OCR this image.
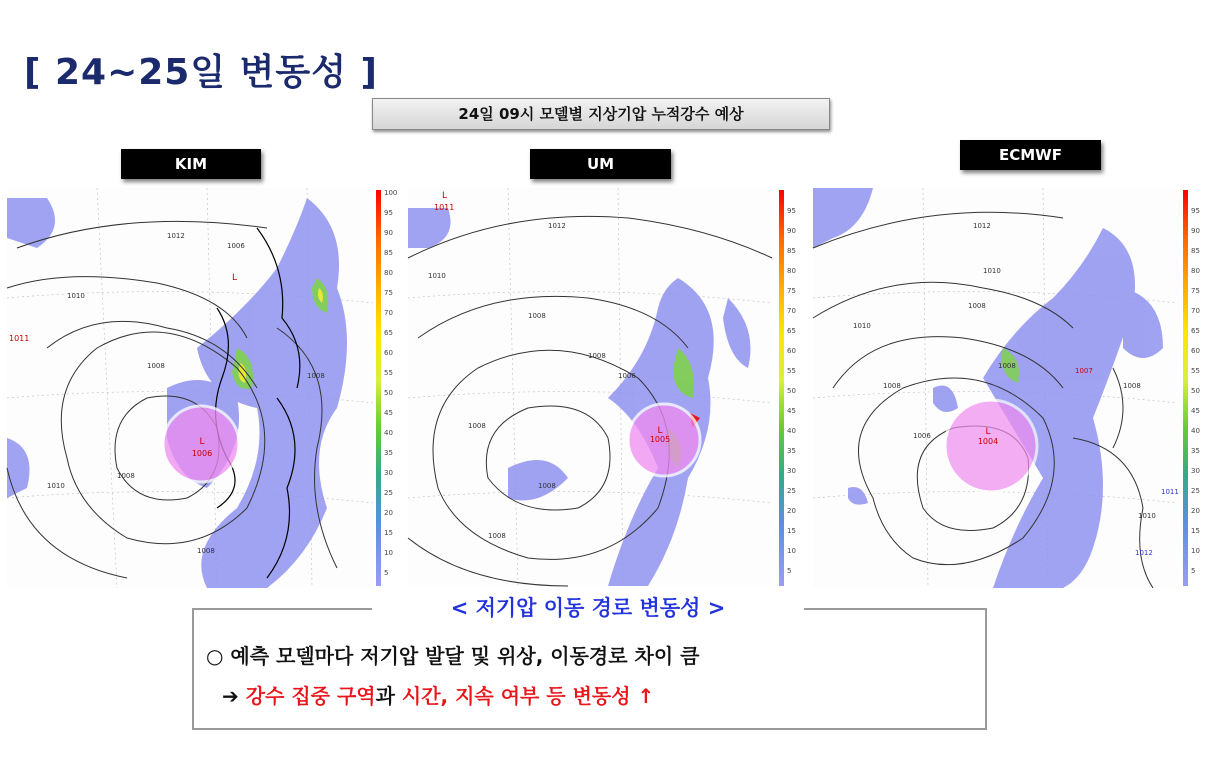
[ 24~25일 변동성 ]
24일 09시 모델별 지상기압 누적강수 예상
KIM	UM	ECMWF
L
1006
1011
L
1012
1010
1008
1008
1008
1010
1008
1006
L
1005
1011
L
1012
1010
1008
1008
1008
1008
1008
1006
L
1004
1007
1012
1011
1012
1010
1008
1010
1008
1006
1008
1008
1010
100
95
90
85
80
75
70
65
60
55
50
45
40
35
30
25
20
15
10
5
95
90
85
80
75
70
65
60
55
50
45
40
35
30
25
20
15
10
5
95
90
85
80
75
70
65
60
55
50
45
40
35
30
25
20
15
10
5
< 저기압 이동 경로 변동성 >
○ 예측 모델마다 저기압 발달 및 위상, 이동경로 차이 큼
➔ 강수 집중 구역과 시간, 지속 여부 등 변동성 ↑
